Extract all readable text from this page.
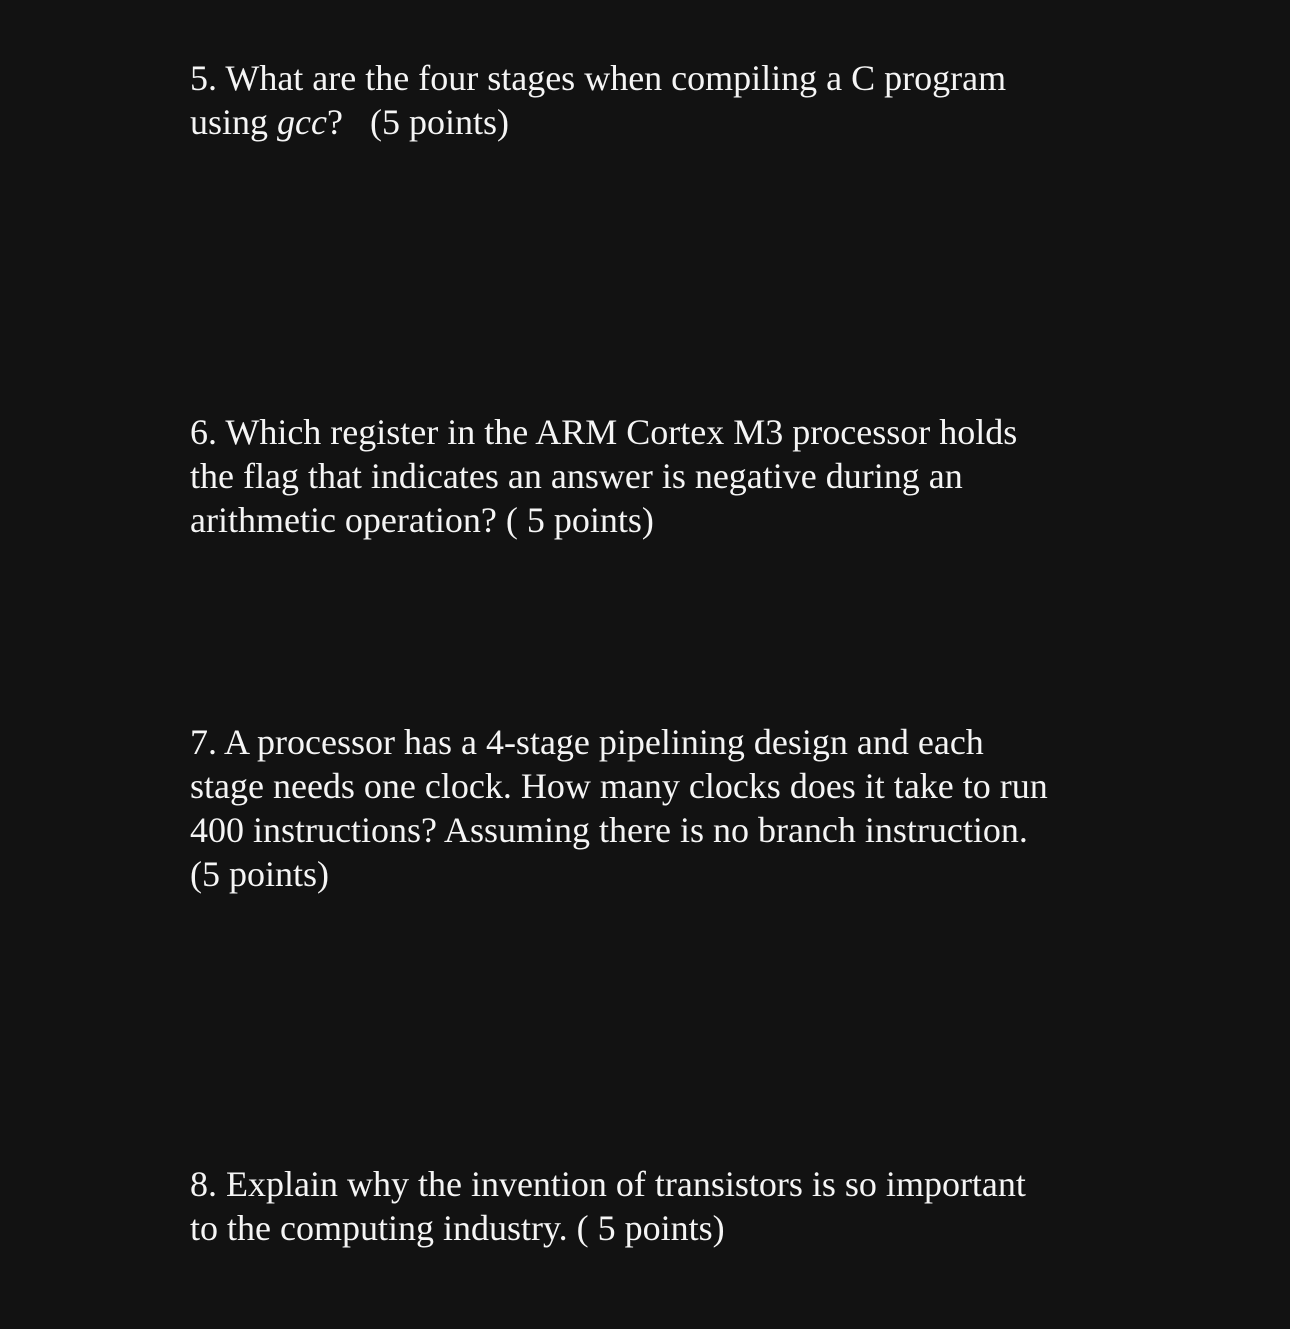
5. What are the four stages when compiling a C program
using gcc?   (5 points)
6. Which register in the ARM Cortex M3 processor holds
the flag that indicates an answer is negative during an
arithmetic operation? ( 5 points)
7. A processor has a 4-stage pipelining design and each
stage needs one clock. How many clocks does it take to run
400 instructions? Assuming there is no branch instruction.
(5 points)
8. Explain why the invention of transistors is so important
to the computing industry. ( 5 points)
